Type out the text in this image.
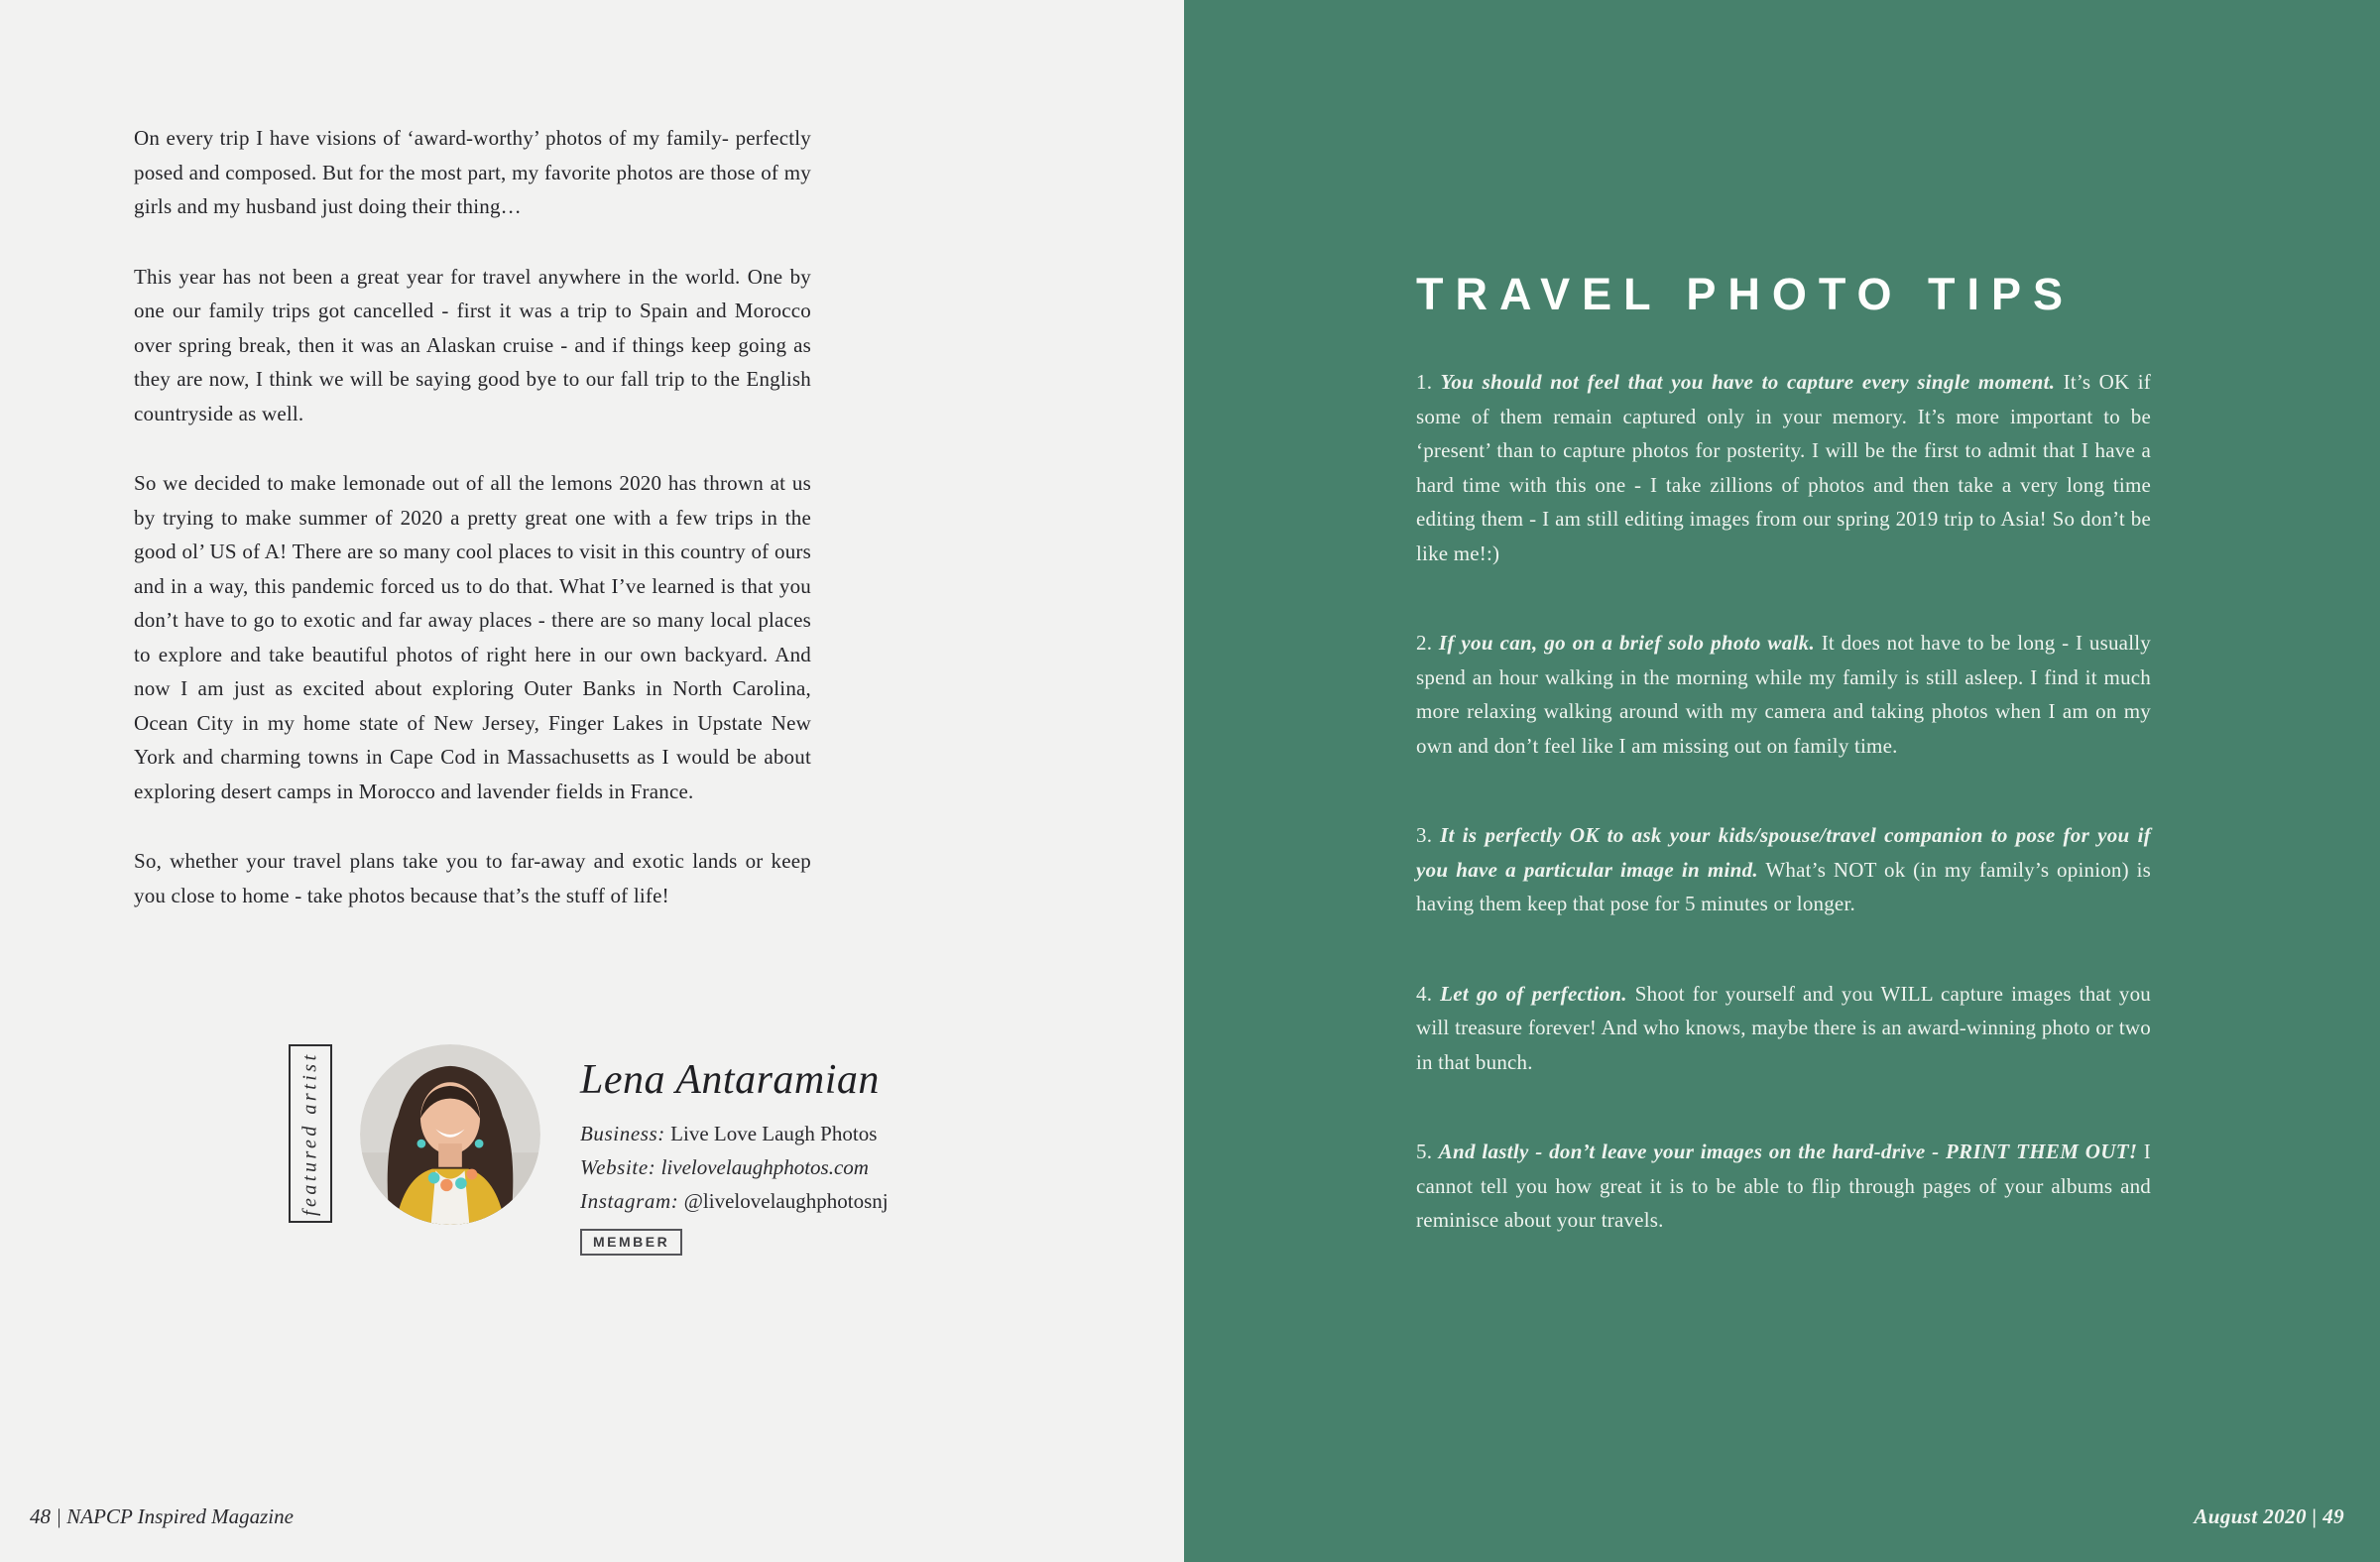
On every trip I have visions of ‘award-worthy’ photos of my family- perfectly posed and composed. But for the most part, my favorite photos are those of my girls and my husband just doing their thing…

This year has not been a great year for travel anywhere in the world. One by one our family trips got cancelled - first it was a trip to Spain and Morocco over spring break, then it was an Alaskan cruise - and if things keep going as they are now, I think we will be saying good bye to our fall trip to the English countryside as well.

So we decided to make lemonade out of all the lemons 2020 has thrown at us by trying to make summer of 2020 a pretty great one with a few trips in the good ol’ US of A! There are so many cool places to visit in this country of ours and in a way, this pandemic forced us to do that. What I’ve learned is that you don’t have to go to exotic and far away places - there are so many local places to explore and take beautiful photos of right here in our own backyard. And now I am just as excited about exploring Outer Banks in North Carolina, Ocean City in my home state of New Jersey, Finger Lakes in Upstate New York and charming towns in Cape Cod in Massachusetts as I would be about exploring desert camps in Morocco and lavender fields in France.

So, whether your travel plans take you to far-away and exotic lands or keep you close to home - take photos because that’s the stuff of life!

featured artist	Lena Antaramian

Business: Live Love Laugh Photos

Website: livelovelaughphotos.com

Instagram: @livelovelaughphotosnj

MEMBER
48 | NAPCP Inspired Magazine
TRAVEL PHOTO TIPS

1. You should not feel that you have to capture every single moment. It’s OK if some of them remain captured only in your memory. It’s more important to be ‘present’ than to capture photos for posterity. I will be the first to admit that I have a hard time with this one - I take zillions of photos and then take a very long time editing them - I am still editing images from our spring 2019 trip to Asia! So don’t be like me!:)

2. If you can, go on a brief solo photo walk. It does not have to be long - I usually spend an hour walking in the morning while my family is still asleep. I find it much more relaxing walking around with my camera and taking photos when I am on my own and don’t feel like I am missing out on family time.

3. It is perfectly OK to ask your kids/spouse/travel companion to pose for you if you have a particular image in mind. What’s NOT ok (in my family’s opinion) is having them keep that pose for 5 minutes or longer.

4. Let go of perfection. Shoot for yourself and you WILL capture images that you will treasure forever! And who knows, maybe there is an award-winning photo or two in that bunch.

5. And lastly - don’t leave your images on the hard-drive - PRINT THEM OUT! I cannot tell you how great it is to be able to flip through pages of your albums and reminisce about your travels.

August 2020 | 49
